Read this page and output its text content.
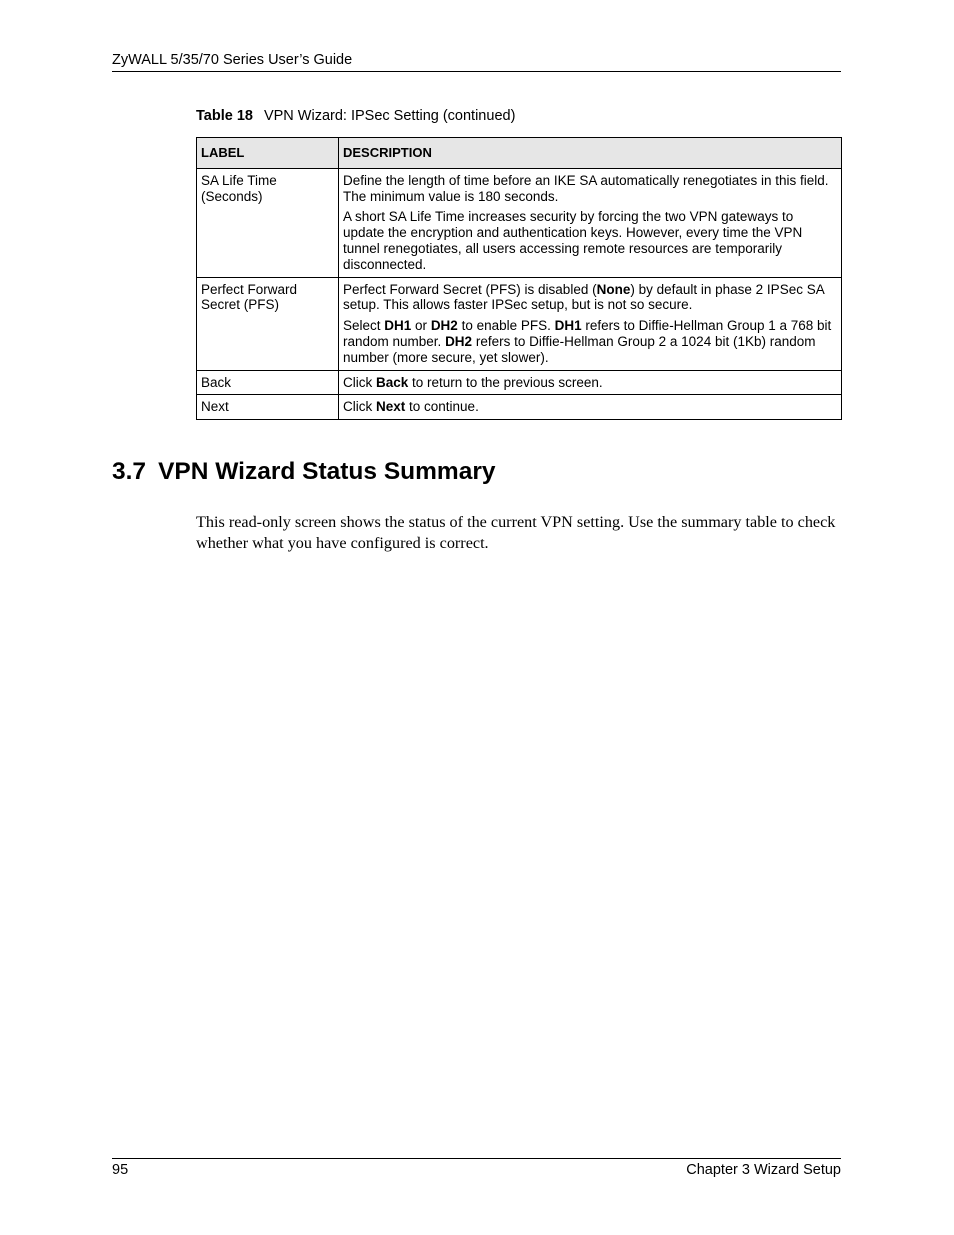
ZyWALL 5/35/70 Series User’s Guide
Table 18 VPN Wizard: IPSec Setting (continued)
LABEL	DESCRIPTION
SA Life Time (Seconds)	Define the length of time before an IKE SA automatically renegotiates in this field. The minimum value is 180 seconds.

A short SA Life Time increases security by forcing the two VPN gateways to update the encryption and authentication keys. However, every time the VPN tunnel renegotiates, all users accessing remote resources are temporarily disconnected.

Perfect Forward Secret (PFS)	Perfect Forward Secret (PFS) is disabled (None) by default in phase 2 IPSec SA setup. This allows faster IPSec setup, but is not so secure.

Select DH1 or DH2 to enable PFS. DH1 refers to Diffie-Hellman Group 1 a 768 bit random number. DH2 refers to Diffie-Hellman Group 2 a 1024 bit (1Kb) random number (more secure, yet slower).

Back	Click Back to return to the previous screen.

Next	Click Next to continue.

3.7 VPN Wizard Status Summary

This read-only screen shows the status of the current VPN setting. Use the summary table to check whether what you have configured is correct.

95	Chapter 3 Wizard Setup
